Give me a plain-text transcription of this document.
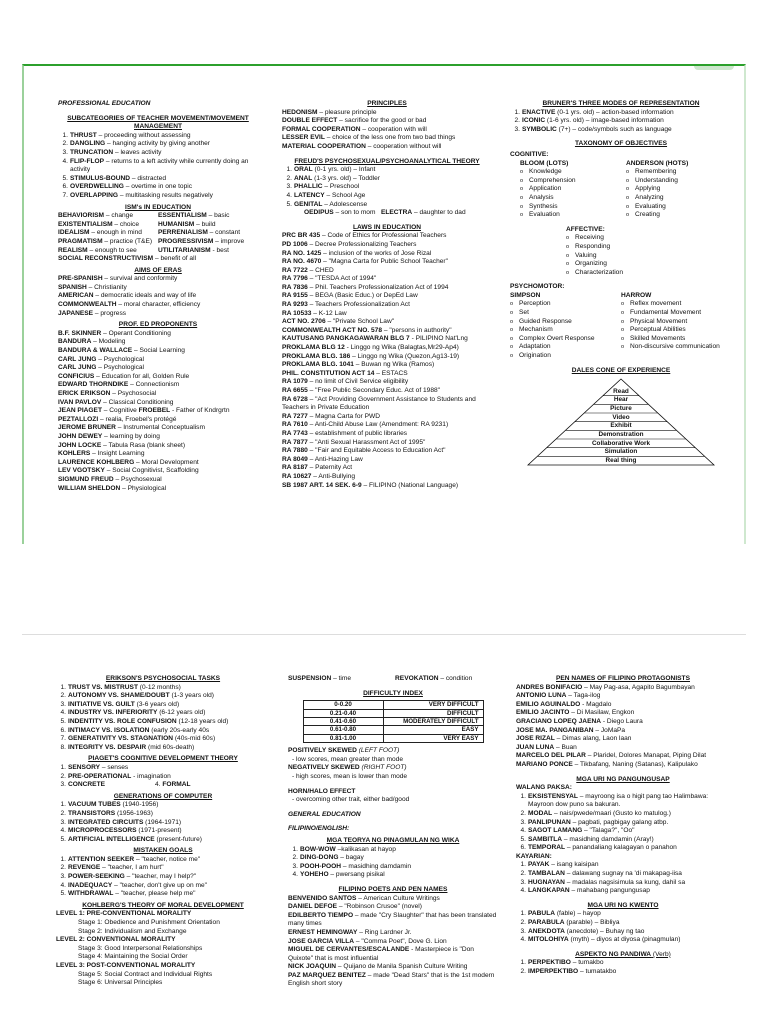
PROFESSIONAL EDUCATION
SUBCATEGORIES OF TEACHER MOVEMENT/MOVEMENT MANAGEMENT
1. THRUST – proceeding without assessing
2. DANGLING – hanging activity by giving another
3. TRUNCATION – leaves activity
4. FLIP-FLOP – returns to a left activity while currently doing an activity
5. STIMULUS-BOUND – distracted
6. OVERDWELLING – overtime in one topic
7. OVERLAPPING – multitasking results negatively
ISM's IN EDUCATION
BEHAVIORISM – change	ESSENTIALISM – basic
EXISTENTIALISM – choice	HUMANISM – build
IDEALISM – enough in mind	PERRENIALISM – constant
PRAGMATISM – practice (T&E) PROGRESSIVISM – improve
REALISM – enough to see	UTILITARIANISM - best
SOCIAL RECONSTRUCTIVISM – benefit of all
AIMS OF ERAS
PRE-SPANISH – survival and conformity
SPANISH – Christianity
AMERICAN – democratic ideals and way of life
COMMONWEALTH – moral character, efficiency
JAPANESE – progress
PROF. ED PROPONENTS
B.F. SKINNER – Operant Conditioning
BANDURA – Modeling
BANDURA & WALLACE – Social Learning
CARL JUNG – Psychological
CARL JUNG – Psychological
CONFICIUS – Education for all, Golden Rule
EDWARD THORNDIKE – Connectionism
ERICK ERIKSON – Psychosocial
IVAN PAVLOV – Classical Conditioning
JEAN PIAGET – Cognitive FROEBEL - Father of Kndrgrtn
PEZTALLOZI – realia, Froebel's protégé
JEROME BRUNER – Instrumental Conceptualism
JOHN DEWEY – learning by doing
JOHN LOCKE – Tabula Rasa (blank sheet)
KOHLERS – Insight Learning
LAURENCE KOHLBERG – Moral Development
LEV VGOTSKY – Social Cognitivist, Scaffolding
SIGMUND FREUD – Psychosexual
WILLIAM SHELDON – Physiological
PRINCIPLES
HEDONISM – pleasure principle
DOUBLE EFFECT – sacrifice for the good or bad
FORMAL COOPERATION – cooperation with will
LESSER EVIL – choice of the less one from two bad things
MATERIAL COOPERATION – cooperation without will
FREUD'S PSYCHOSEXUAL/PSYCHOANALYTICAL THEORY
1. ORAL (0-1 yrs. old) – Infant
2. ANAL (1-3 yrs. old) – Toddler
3. PHALLIC – Preschool
4. LATENCY – School Age
5. GENITAL – Adolescense
OEDIPUS – son to mom ELECTRA – daughter to dad
LAWS IN EDUCATION
PRC BR 435 – Code of Ethics for Professional Teachers
PD 1006 – Decree Professionalizing Teachers
RA NO. 1425 – inclusion of the works of Jose Rizal
RA NO. 4670 – "Magna Carta for Public School Teacher"
RA 7722 – CHED
RA 7796 – "TESDA Act of 1994"
RA 7836 – Phil. Teachers Professionalization Act of 1994
RA 9155 – BEGA (Basic Educ.) or DepEd Law
RA 9293 – Teachers Professionalization Act
RA 10533 – K-12 Law
ACT NO. 2706 – "Private School Law"
COMMONWEALTH ACT NO. 578 – "persons in authority"
KAUTUSANG PANGKAGAWARAN BLG 7 - PILIPINO Nat'Lng
PROKLAMA BLG 12 - Linggo ng Wika (Balagtas,Mr29-Ap4)
PROKLAMA BLG. 186 – Linggo ng Wika (Quezon,Ag13-19)
PROKLAMA BLG. 1041 – Buwan ng Wika (Ramos)
PHIL. CONSTITUTION ACT 14 – ESTACS
RA 1079 – no limit of Civil Service eligibility
RA 6655 – "Free Public Secondary Educ. Act of 1988"
RA 6728 – "Act Providing Government Assistance to Students and Teachers in Private Education
RA 7277 – Magna Carta for PWD
RA 7610 – Anti-Child Abuse Law (Amendment: RA 9231)
RA 7743 – establishment of public libraries
RA 7877 – "Anti Sexual Harassment Act of 1995"
RA 7880 – "Fair and Equitable Access to Education Act"
RA 8049 – Anti-Hazing Law
RA 8187 – Paternity Act
RA 10627 – Anti-Bullying
SB 1987 ART. 14 SEK. 6-9 – FILIPINO (National Language)
BRUNER'S THREE MODES OF REPRESENTATION
1. ENACTIVE (0-1 yrs. old) – action-based information
2. ICONIC (1-6 yrs. old) – image-based information
3. SYMBOLIC (7+) – code/symbols such as language
TAXONOMY OF OBJECTIVES
COGNITIVE:
BLOOM (LOTS)
o Knowledge
o Comprehension
o Application
o Analysis
o Synthesis
o Evaluation
ANDERSON (HOTS)
o Remembering
o Understanding
o Applying
o Analyzing
o Evaluating
o Creating
AFFECTIVE:
o Receiving
o Responding
o Valuing
o Organizing
o Characterization
PSYCHOMOTOR:
SIMPSON
o Perception
o Set
o Guided Response
o Mechanism
o Complex Overt Response
o Adaptation
o Origination
HARROW
o Reflex movement
o Fundamental Movement
o Physical Movement
o Perceptual Abilities
o Skilled Movements
o Non-discursive communication
DALES CONE OF EXPERIENCE
Read
Hear
Picture
Video
Exhibit
Demonstration
Collaborative Work
Simulation
Real thing
ERIKSON'S PSYCHOSOCIAL TASKS
1. TRUST VS. MISTRUST (0-12 months)
2. AUTONOMY VS. SHAME/DOUBT (1-3 years old)
3. INITIATIVE VS. GUILT (3-6 years old)
4. INDUSTRY VS. INFERIORITY (6-12 years old)
5. INDENTITY VS. ROLE CONFUSION (12-18 years old)
6. INTIMACY VS. ISOLATION (early 20s-early 40s
7. GENERATIVITY VS. STAGNATION (40s-mid 60s)
8. INTEGRITY VS. DESPAIR (mid 60s-death)
PIAGET'S COGNITIVE DEVELOPMENT THEORY
1. SENSORY – senses
2. PRE-OPERATIONAL - imagination
3. CONCRETE	4. FORMAL
GENERATIONS OF COMPUTER
1. VACUUM TUBES (1940-1956)
2. TRANSISTORS (1956-1963)
3. INTEGRATED CIRCUITS (1964-1971)
4. MICROPROCESSORS (1971-present)
5. ARTIFICIAL INTELLIGENCE (present-future)
MISTAKEN GOALS
1. ATTENTION SEEKER – "teacher, notice me"
2. REVENGE – "teacher, I am hurt"
3. POWER-SEEKING – "teacher, may I help?"
4. INADEQUACY – "teacher, don't give up on me"
5. WITHDRAWAL – "teacher, please help me"
KOHLBERG'S THEORY OF MORAL DEVELOPMENT
LEVEL 1: PRE-CONVENTIONAL MORALITY
Stage 1: Obedience and Punishment Orientation
Stage 2: Individualism and Exchange
LEVEL 2: CONVENTIONAL MORALITY
Stage 3: Good Interpersonal Relationships
Stage 4: Maintaining the Social Order
LEVEL 3: POST-CONVENTIONAL MORALITY
Stage 5: Social Contract and Individual Rights
Stage 6: Universal Principles
SUSPENSION – time	REVOKATION – condition
DIFFICULTY INDEX
0-0.20	VERY DIFFICULT
0.21-0.40	DIFFICULT
0.41-0.60	MODERATELY DIFFICULT
0.61-0.80	EASY
0.81-1.00	VERY EASY
POSITIVELY SKEWED (LEFT FOOT)
- low scores, mean greater than mode
NEGATIVELY SKEWED (RIGHT FOOT)
- high scores, mean is lower than mode
HORN/HALO EFFECT
- overcoming other trait, either bad/good
GENERAL EDUCATION
FILIPINO/ENGLISH:
MGA TEORYA NG PINAGMULAN NG WIKA
1. BOW-WOW –kalikasan at hayop
2. DING-DONG – bagay
3. POOH-POOH – masidhing damdamin
4. YOHEHO – pwersang pisikal
FILIPINO POETS AND PEN NAMES
BENVENIDO SANTOS – American Culture Writings
DANIEL DEFOE – "Robinson Crusoe" (novel)
EDILBERTO TIEMPO – made "Cry Slaughter" that has been translated many times
ERNEST HEMINGWAY – Ring Lardner Jr.
JOSE GARCIA VILLA – "Comma Poet", Dove G. Lion
MIGUEL DE CERVANTES/ESCALANDE - Masterpiece is "Don Quixote" that is most influential
NICK JOAQUIN – Quijano de Manila Spanish Culture Writing
PAZ MARQUEZ BENITEZ – made "Dead Stars" that is the 1st modern English short story
PEN NAMES OF FILIPINO PROTAGONISTS
ANDRES BONIFACIO – May Pag-asa, Agapito Bagumbayan
ANTONIO LUNA – Taga-ilog
EMILIO AGUINALDO - Magdalo
EMILIO JACINTO – Di Masilaw, Engkon
GRACIANO LOPEQ JAENA - Diego Laura
JOSE MA. PANGANIBAN – JoMaPa
JOSE RIZAL – Dimas alang, Laon laan
JUAN LUNA – Buan
MARCELO DEL PILAR – Plaridel, Dolores Manapat, Piping Dilat
MARIANO PONCE – Tikbafang, Naning (Satanas), Kalipulako
MGA URI NG PANGUNGUSAP
WALANG PAKSA:
1. EKSISTENSYAL – mayroong isa o higit pang tao Halimbawa: Mayroon dow puno sa bakuran.
2. MODAL – nais/pwede/maari (Gusto ko matulog.)
3. PANLIPUNAN – pagbati, pagbigay galang atbp.
4. SAGOT LAMANG – "Talaga?", "Oo"
5. SAMBITLA – masidhing damdamin (Aray!)
6. TEMPORAL – panandaliang kalagayan o panahon
KAYARIAN:
1. PAYAK – isang kaisipan
2. TAMBALAN – dalawang sugnay na 'di makapag-iisa
3. HUGNAYAN – madalas nagsisimula sa kung, dahil sa
4. LANGKAPAN – mahabang pangungusap
MGA URI NG KWENTO
1. PABULA (fable) – hayop
2. PARABULA (parable) – Bibliya
3. ANEKDOTA (anecdote) – Buhay ng tao
4. MITOLOHIYA (myth) – diyos at diyosa (pinagmulan)
ASPEKTO NG PANDIWA (Verb)
1. PERPEKTIBO – tumakbo
2. IMPERPEKTIBO – tumatakbo
